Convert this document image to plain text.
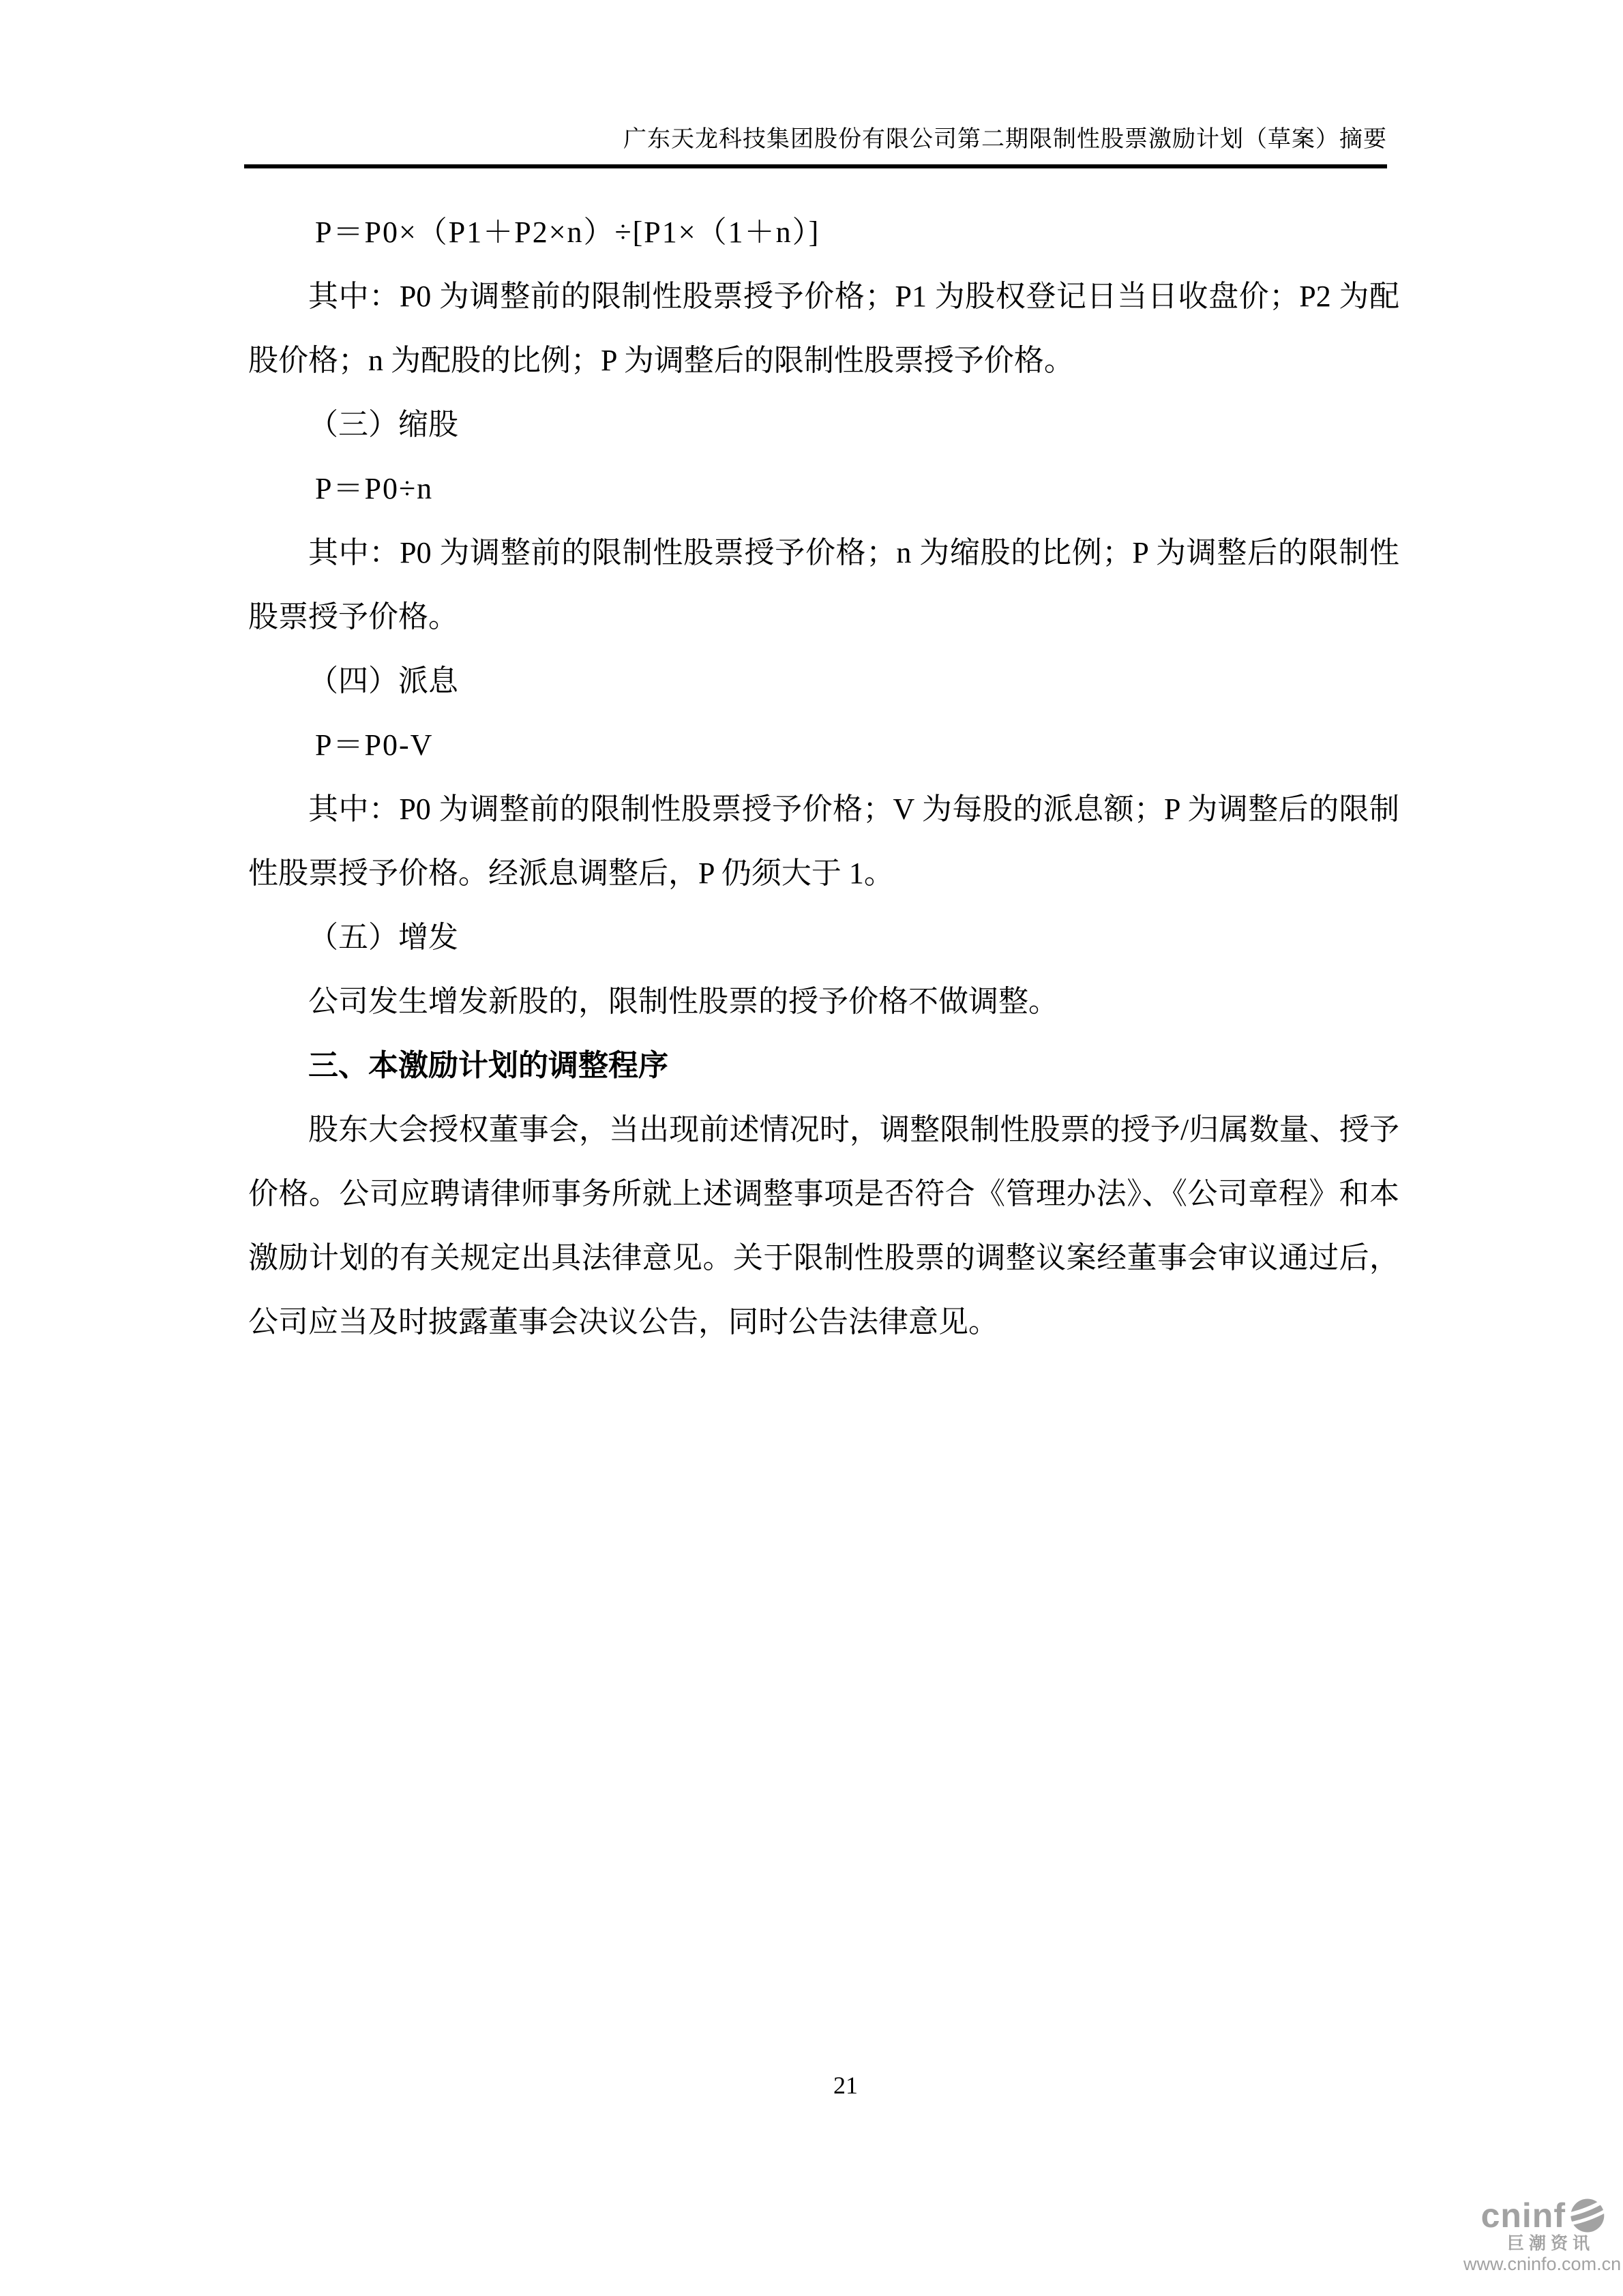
广东天龙科技集团股份有限公司第二期限制性股票激励计划（草案）摘要

P＝P0×（P1＋P2×n）÷[P1×（1＋n）]

其中：P0 为调整前的限制性股票授予价格；P1 为股权登记日当日收盘价；P2 为配股价格；n 为配股的比例；P 为调整后的限制性股票授予价格。

（三）缩股

P＝P0÷n

其中：P0 为调整前的限制性股票授予价格；n 为缩股的比例；P 为调整后的限制性股票授予价格。

（四）派息

P＝P0-V

其中：P0 为调整前的限制性股票授予价格；V 为每股的派息额；P 为调整后的限制性股票授予价格。经派息调整后，P 仍须大于 1。

（五）增发

公司发生增发新股的，限制性股票的授予价格不做调整。

三、本激励计划的调整程序

股东大会授权董事会，当出现前述情况时，调整限制性股票的授予/归属数量、授予价格。公司应聘请律师事务所就上述调整事项是否符合《管理办法》、《公司章程》和本激励计划的有关规定出具法律意见。关于限制性股票的调整议案经董事会审议通过后，公司应当及时披露董事会决议公告，同时公告法律意见。

21
cninf
巨潮资讯
www.cninfo.com.cn
